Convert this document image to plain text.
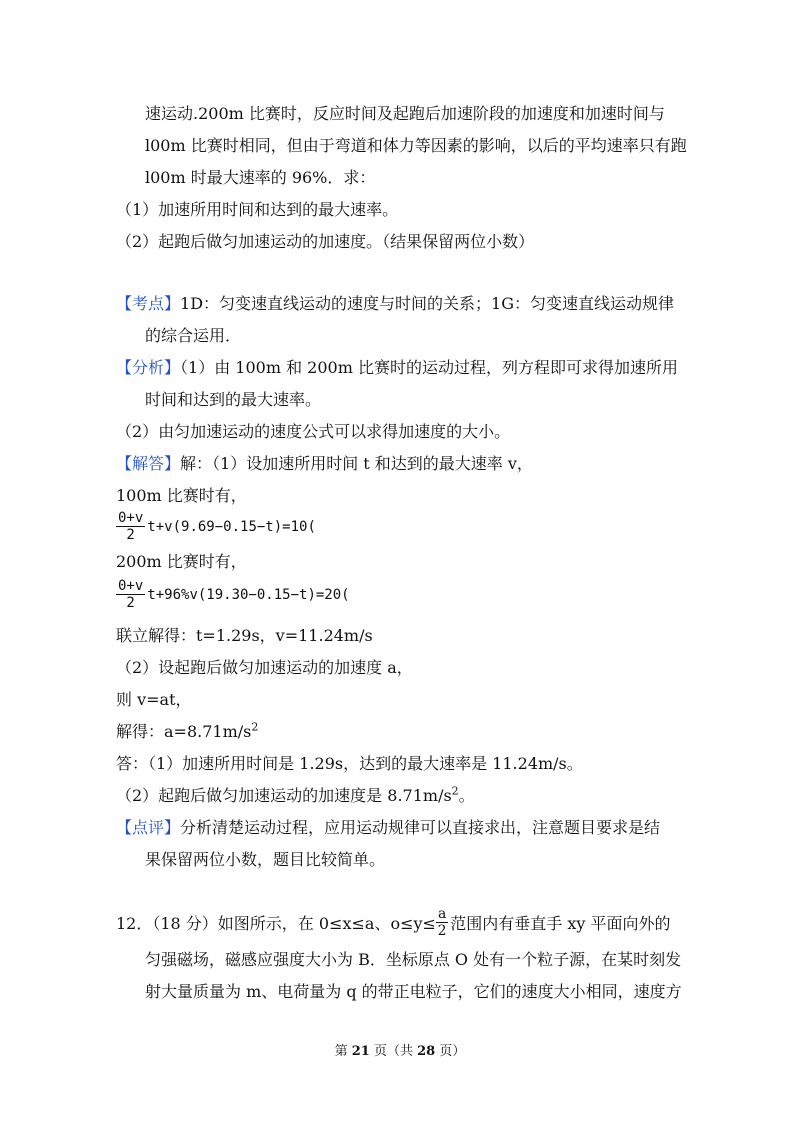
速运动.200m 比赛时，反应时间及起跑后加速阶段的加速度和加速时间与
l00m 比赛时相同，但由于弯道和体力等因素的影响，以后的平均速率只有跑
l00m 时最大速率的 96%．求：
（1）加速所用时间和达到的最大速率。
（2）起跑后做匀加速运动的加速度。（结果保留两位小数）
【考点】1D：匀变速直线运动的速度与时间的关系；1G：匀变速直线运动规律
的综合运用．
【分析】（1）由 100m 和 200m 比赛时的运动过程，列方程即可求得加速所用
时间和达到的最大速率。
（2）由匀加速运动的速度公式可以求得加速度的大小。
【解答】解：（1）设加速所用时间 t 和达到的最大速率 v，
100m 比赛时有，
$\frac{0+v}{2} t+v(9.69-0.15-t)=10$(
200m 比赛时有，
$\frac{0+v}{2} t+96\%v(19.30-0.15-t)=20$(
联立解得：t=1.29s，v=11.24m/s
（2）设起跑后做匀加速运动的加速度 a，
则 v=at，
解得：$a=8.71m/s^2$
答：（1）加速所用时间是 1.29s，达到的最大速率是 11.24m/s。
（2）起跑后做匀加速运动的加速度是 $8.71m/s^2$。
【点评】分析清楚运动过程，应用运动规律可以直接求出，注意题目要求是结
果保留两位小数，题目比较简单。
12．（18 分）如图所示，在 0≤x≤a、$o\le y\le \frac{a}{2}$ 范围内有垂直手 xy 平面向外的
匀强磁场，磁感应强度大小为 B．坐标原点 O 处有一个粒子源，在某时刻发
射大量质量为 m、电荷量为 q 的带正电粒子，它们的速度大小相同，速度方
第 21 页（共 28 页）
